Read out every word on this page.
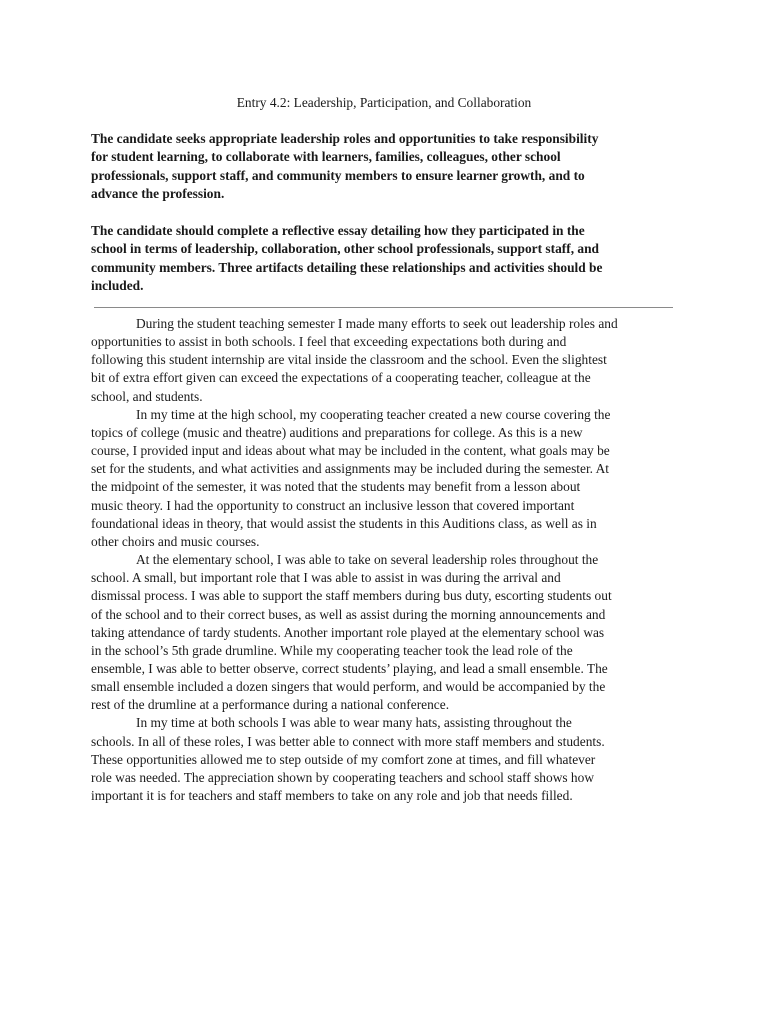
Entry 4.2: Leadership, Participation, and Collaboration
The candidate seeks appropriate leadership roles and opportunities to take responsibility
for student learning, to collaborate with learners, families, colleagues, other school
professionals, support staff, and community members to ensure learner growth, and to
advance the profession.
The candidate should complete a reflective essay detailing how they participated in the
school in terms of leadership, collaboration, other school professionals, support staff, and
community members. Three artifacts detailing these relationships and activities should be
included.
During the student teaching semester I made many efforts to seek out leadership roles and
opportunities to assist in both schools. I feel that exceeding expectations both during and
following this student internship are vital inside the classroom and the school. Even the slightest
bit of extra effort given can exceed the expectations of a cooperating teacher, colleague at the
school, and students.
In my time at the high school, my cooperating teacher created a new course covering the
topics of college (music and theatre) auditions and preparations for college. As this is a new
course, I provided input and ideas about what may be included in the content, what goals may be
set for the students, and what activities and assignments may be included during the semester. At
the midpoint of the semester, it was noted that the students may benefit from a lesson about
music theory. I had the opportunity to construct an inclusive lesson that covered important
foundational ideas in theory, that would assist the students in this Auditions class, as well as in
other choirs and music courses.
At the elementary school, I was able to take on several leadership roles throughout the
school. A small, but important role that I was able to assist in was during the arrival and
dismissal process. I was able to support the staff members during bus duty, escorting students out
of the school and to their correct buses, as well as assist during the morning announcements and
taking attendance of tardy students. Another important role played at the elementary school was
in the school’s 5th grade drumline. While my cooperating teacher took the lead role of the
ensemble, I was able to better observe, correct students’ playing, and lead a small ensemble. The
small ensemble included a dozen singers that would perform, and would be accompanied by the
rest of the drumline at a performance during a national conference.
In my time at both schools I was able to wear many hats, assisting throughout the
schools. In all of these roles, I was better able to connect with more staff members and students.
These opportunities allowed me to step outside of my comfort zone at times, and fill whatever
role was needed. The appreciation shown by cooperating teachers and school staff shows how
important it is for teachers and staff members to take on any role and job that needs filled.
